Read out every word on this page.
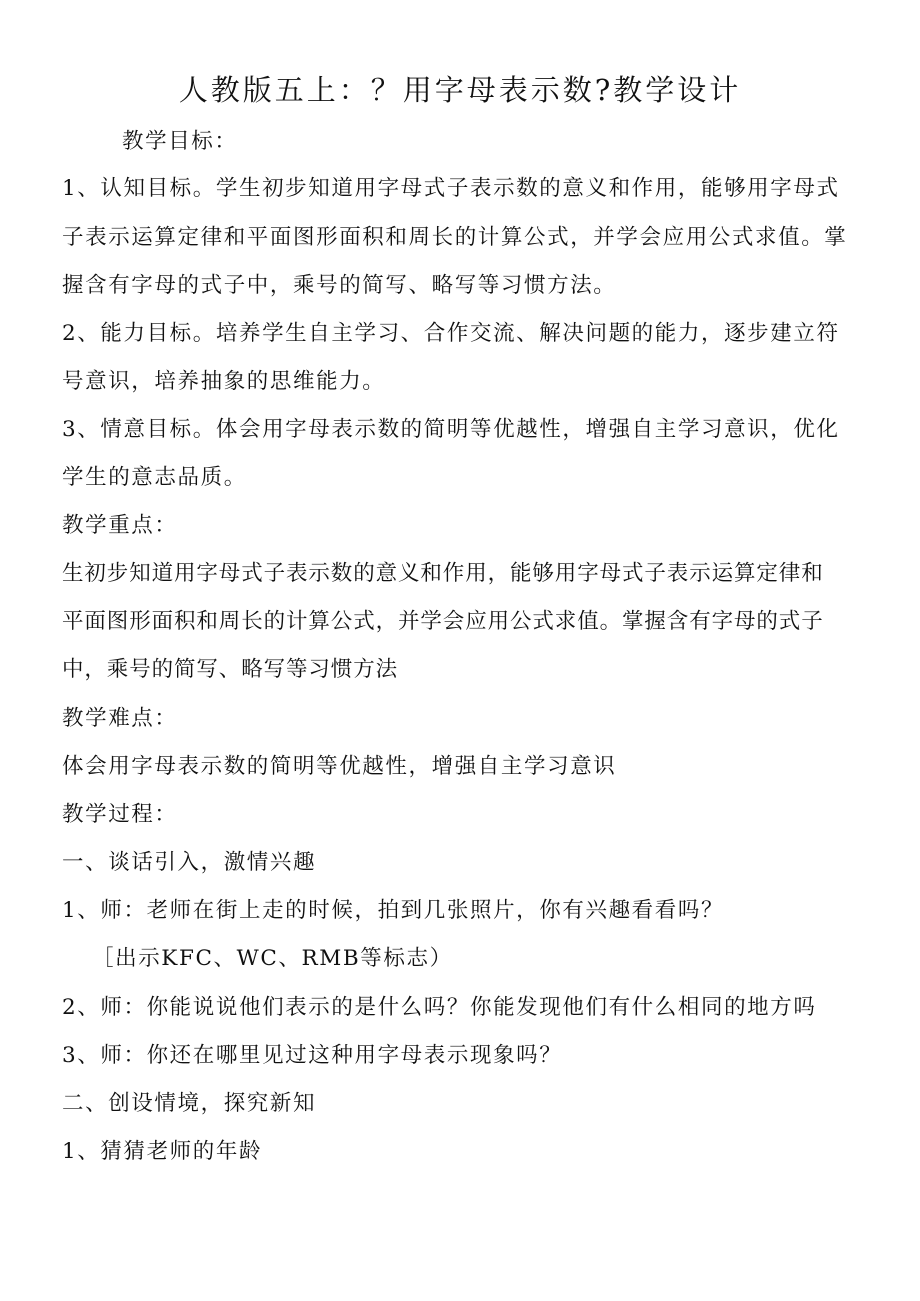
人教版五上：？用字母表示数?教学设计
教学目标：
1、认知目标。学生初步知道用字母式子表示数的意义和作用，能够用字母式
子表示运算定律和平面图形面积和周长的计算公式，并学会应用公式求值。掌
握含有字母的式子中，乘号的简写、略写等习惯方法。
2、能力目标。培养学生自主学习、合作交流、解决问题的能力，逐步建立符
号意识，培养抽象的思维能力。
3、情意目标。体会用字母表示数的简明等优越性，增强自主学习意识，优化
学生的意志品质。
教学重点：
生初步知道用字母式子表示数的意义和作用，能够用字母式子表示运算定律和
平面图形面积和周长的计算公式，并学会应用公式求值。掌握含有字母的式子
中，乘号的简写、略写等习惯方法
教学难点：
体会用字母表示数的简明等优越性，增强自主学习意识
教学过程：
一、谈话引入，激情兴趣
1、师：老师在街上走的时候，拍到几张照片，你有兴趣看看吗？
［出示KFC、WC、RMB等标志）
2、师：你能说说他们表示的是什么吗？你能发现他们有什么相同的地方吗
3、师：你还在哪里见过这种用字母表示现象吗？
二、创设情境，探究新知
1、猜猜老师的年龄
